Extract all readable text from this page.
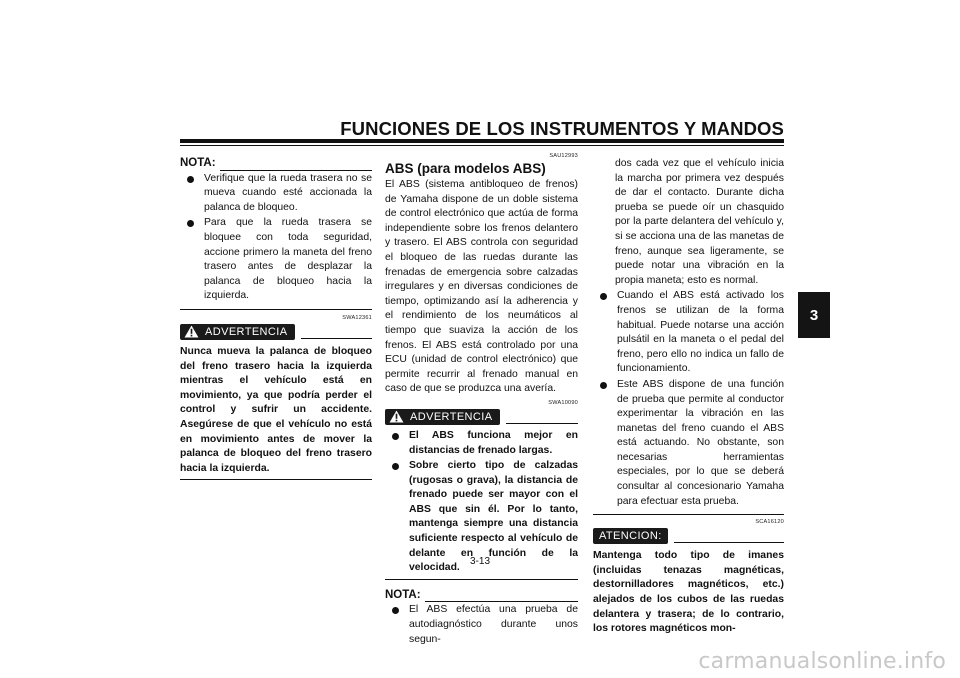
FUNCIONES DE LOS INSTRUMENTOS Y MANDOS
3
NOTA:
Verifique que la rueda trasera no se mueva cuando esté accionada la palanca de bloqueo.
Para que la rueda trasera se bloquee con toda seguridad, accione primero la maneta del freno trasero antes de desplazar la palanca de bloqueo hacia la izquierda.
SWA12361
ADVERTENCIA
Nunca mueva la palanca de bloqueo del freno trasero hacia la izquierda mientras el vehículo está en movimiento, ya que podría perder el control y sufrir un accidente. Asegúrese de que el vehículo no está en movimiento antes de mover la palanca de bloqueo del freno trasero hacia la izquierda.
SAU12993
ABS (para modelos ABS)
El ABS (sistema antibloqueo de frenos) de Yamaha dispone de un doble sistema de control electrónico que actúa de forma independiente sobre los frenos delantero y trasero. El ABS controla con seguridad el bloqueo de las ruedas durante las frenadas de emergencia sobre calzadas irregulares y en diversas condiciones de tiempo, optimizando así la adherencia y el rendimiento de los neumáticos al tiempo que suaviza la acción de los frenos. El ABS está controlado por una ECU (unidad de control electrónico) que permite recurrir al frenado manual en caso de que se produzca una avería.
SWA10090
ADVERTENCIA
El ABS funciona mejor en distancias de frenado largas.
Sobre cierto tipo de calzadas (rugosas o grava), la distancia de frenado puede ser mayor con el ABS que sin él. Por lo tanto, mantenga siempre una distancia suficiente respecto al vehículo de delante en función de la velocidad.
NOTA:
El ABS efectúa una prueba de autodiagnóstico durante unos segun-
dos cada vez que el vehículo inicia la marcha por primera vez después de dar el contacto. Durante dicha prueba se puede oír un chasquido por la parte delantera del vehículo y, si se acciona una de las manetas de freno, aunque sea ligeramente, se puede notar una vibración en la propia maneta; esto es normal.
Cuando el ABS está activado los frenos se utilizan de la forma habitual. Puede notarse una acción pulsátil en la maneta o el pedal del freno, pero ello no indica un fallo de funcionamiento.
Este ABS dispone de una función de prueba que permite al conductor experimentar la vibración en las manetas del freno cuando el ABS está actuando. No obstante, son necesarias herramientas especiales, por lo que se deberá consultar al concesionario Yamaha para efectuar esta prueba.
SCA16120
ATENCION:
Mantenga todo tipo de imanes (incluidas tenazas magnéticas, destornilladores magnéticos, etc.) alejados de los cubos de las ruedas delantera y trasera; de lo contrario, los rotores magnéticos mon-
3-13
carmanualsonline.info
